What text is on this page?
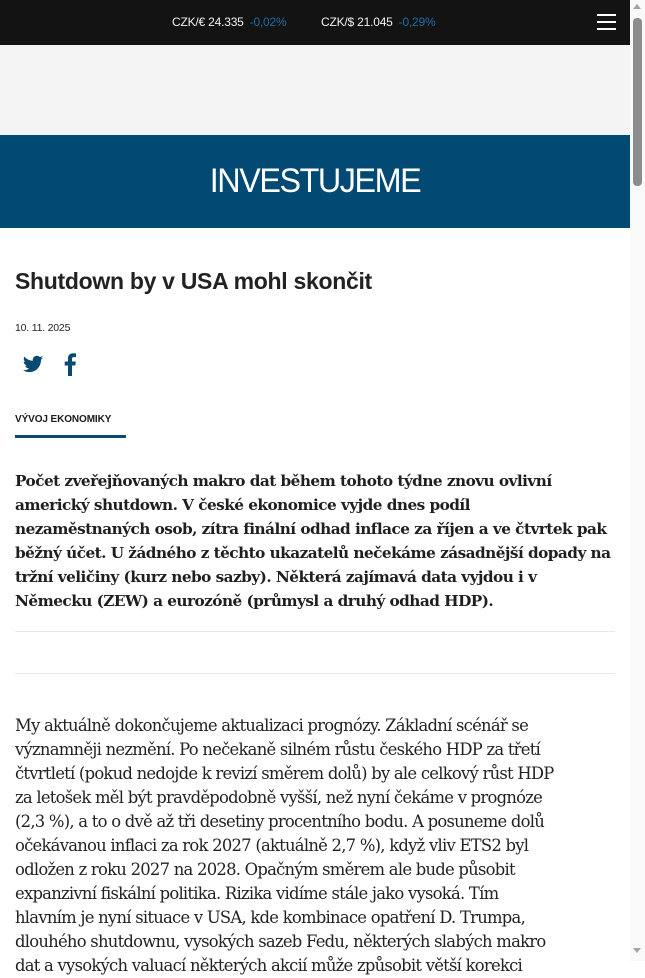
CZK/€ 24.335 -0,02%	CZK/$ 21.045 -0,29%
INVESTUJEME
Shutdown by v USA mohl skončit
10. 11. 2025
VÝVOJ EKONOMIKY
Počet zveřejňovaných makro dat během tohoto týdne znovu ovlivní
americký shutdown. V české ekonomice vyjde dnes podíl
nezaměstnaných osob, zítra finální odhad inflace za říjen a ve čtvrtek pak
běžný účet. U žádného z těchto ukazatelů nečekáme zásadnější dopady na
tržní veličiny (kurz nebo sazby). Některá zajímavá data vyjdou i v
Německu (ZEW) a eurozóně (průmysl a druhý odhad HDP).
My aktuálně dokončujeme aktualizaci prognózy. Základní scénář se
významněji nezmění. Po nečekaně silném růstu českého HDP za třetí
čtvrtletí (pokud nedojde k revizí směrem dolů) by ale celkový růst HDP
za letošek měl být pravděpodobně vyšší, než nyní čekáme v prognóze
(2,3 %), a to o dvě až tři desetiny procentního bodu. A posuneme dolů
očekávanou inflaci za rok 2027 (aktuálně 2,7 %), když vliv ETS2 byl
odložen z roku 2027 na 2028. Opačným směrem ale bude působit
expanzivní fiskální politika. Rizika vidíme stále jako vysoká. Tím
hlavním je nyní situace v USA, kde kombinace opatření D. Trumpa,
dlouhého shutdownu, vysokých sazeb Fedu, některých slabých makro
dat a vysokých valuací některých akcií může způsobit větší korekci
